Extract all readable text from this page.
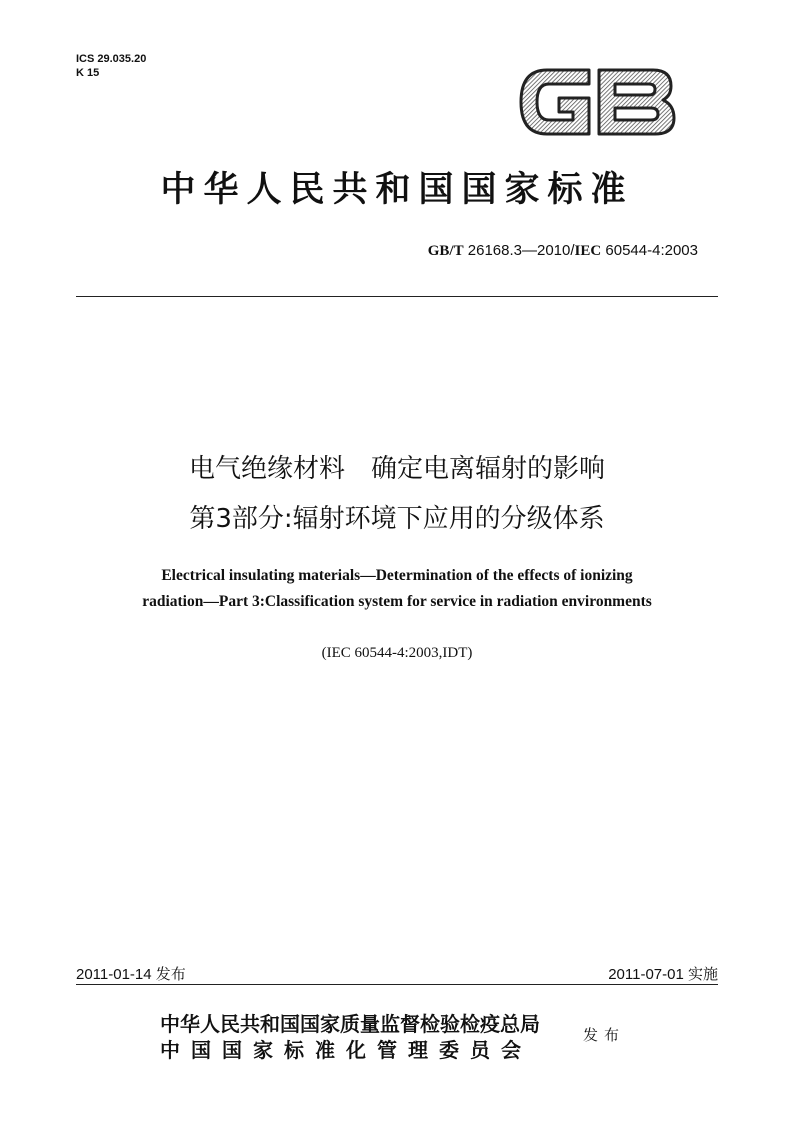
ICS 29.035.20
K 15
中华人民共和国国家标准
GB/T 26168.3—2010/IEC 60544-4:2003
电气绝缘材料　确定电离辐射的影响
第3部分:辐射环境下应用的分级体系
Electrical insulating materials—Determination of the effects of ionizing
radiation—Part 3:Classification system for service in radiation environments
(IEC 60544-4:2003,IDT)
2011-01-14 发布	2011-07-01 实施
中华人民共和国国家质量监督检验检疫总局
中国国家标准化管理委员会
发布
